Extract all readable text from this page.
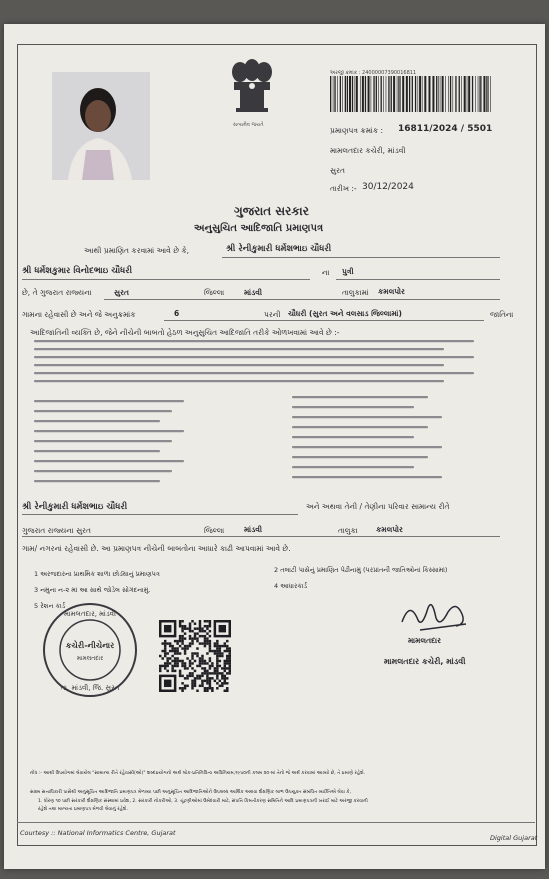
સત્યમેવ જયતે
અરજી ક્રમાંક : 24000007390016811
પ્રમાણપત્ર ક્રમાંક : 16811/2024 / 5501
મામલતદાર કચેરી, માંડવી
સુરત
તારીખ :- 30/12/2024
ગુજરાત સરકાર
અનુસુચિત આદિજાતિ પ્રમાણપત્ર
આથી પ્રમાણિત કરવામાં આવે છે કે,	શ્રી રેનીકુમારી ધર્મેશભાઇ ચૌધરી
શ્રી ધર્મેશકુમાર વિનોદભાઇ ચૌધરી	ના પુત્રી
છે, તે ગુજરાત રાજ્યના	સુરત	જિલ્લા	માંડવી	તાલુકામાં કમલપોર
ગામના રહેવાસી છે અને જે અનુક્રમાંક	6	પરની ચૌધરી (સુરત અને વલસાડ જિલ્લામાં)	જાતિના
આદિજાતિની વ્યક્તિ છે, જેને નીચેની બાબતો હેઠળ અનુસુચિત આદિજાતિ તરીકે ઓળખવામાં આવે છે :-
શ્રી રેનીકુમારી ધર્મેશભાઇ ચૌધરી	અને અથવા તેની / તેણીના પરિવાર સામાન્ય રીતે
ગુજરાત રાજ્યના સુરત	જિલ્લા	માંડવી	તાલુકા કમલપોર
ગામ/ નગરનાં રહેવાસી છે. આ પ્રમાણપત્ર નીચેની બાબતોના આધારે કાઢી આપવામાં આવે છે.
1 અરજદારના પ્રાથમિક શાળા છોડ્યાનું પ્રમાણપત્ર	2 તલાટી પાસેનું પ્રમાણિત પેઢીનામું (પરપ્રાંતની જાતિઓનાં કિસ્સામાં)
3 નમુના ન-૨ માં આ સાથે જોડેલ સોગંદનામું.	4 આધારકાર્ડ
5 રેશન કાર્ડ
મામલતદાર, માંડવી
કચેરી-નીચેનાર
મામલતદાર
તા. માંડવી, જિ. સુરત
મામલતદાર
મામલતદાર કચેરી, માંડવી
નોંધ :- આથી ઉપયોગમાં લેવાયેલ "સામાન્ય રીતે રહેવાસી(ઓ)" શબ્દપ્રયોગનો અર્થ લોક-પ્રતિનિધિત્વ અધિનિયમ,૧૯૫૦ની કલમ ૨૦-માં તેનો જે અર્થ કરવામાં આવ્યો છે, તે પ્રમાણે રહેશે.
સક્ષમ સત્તાધિકારી પાસેથી અનુસૂચિત આદિજાતિ પ્રમાણપત્ર મેળવ્યા પછી અનુસૂચિત આદિજાતિઓને ઉપલબ્ધ આર્થિક અથવા શૈક્ષણિક લાભ ઉપયુક્ત સંબંધિત વ્યક્તિએ લેવા કે,
1. ધોરણ ૧૦ પછી સરકારી શૈક્ષણિક સંસ્થામાં પ્રવેશ, 2. સરકારી નોકરીઓ, 3. ચૂંટણીઓમાં ઉમેદવારી માટે, સંપત્તિ કિમતીકરણ સમિતિને આદિ પ્રમાણપત્રની ખરાઈ માટે અરજી કરવાની
રહેશે તથા માન્યતા પ્રમાણપત્ર મેળવી લેવાનું રહેશે.
Courtesy :: National Informatics Centre, Gujarat
Digital Gujarat
